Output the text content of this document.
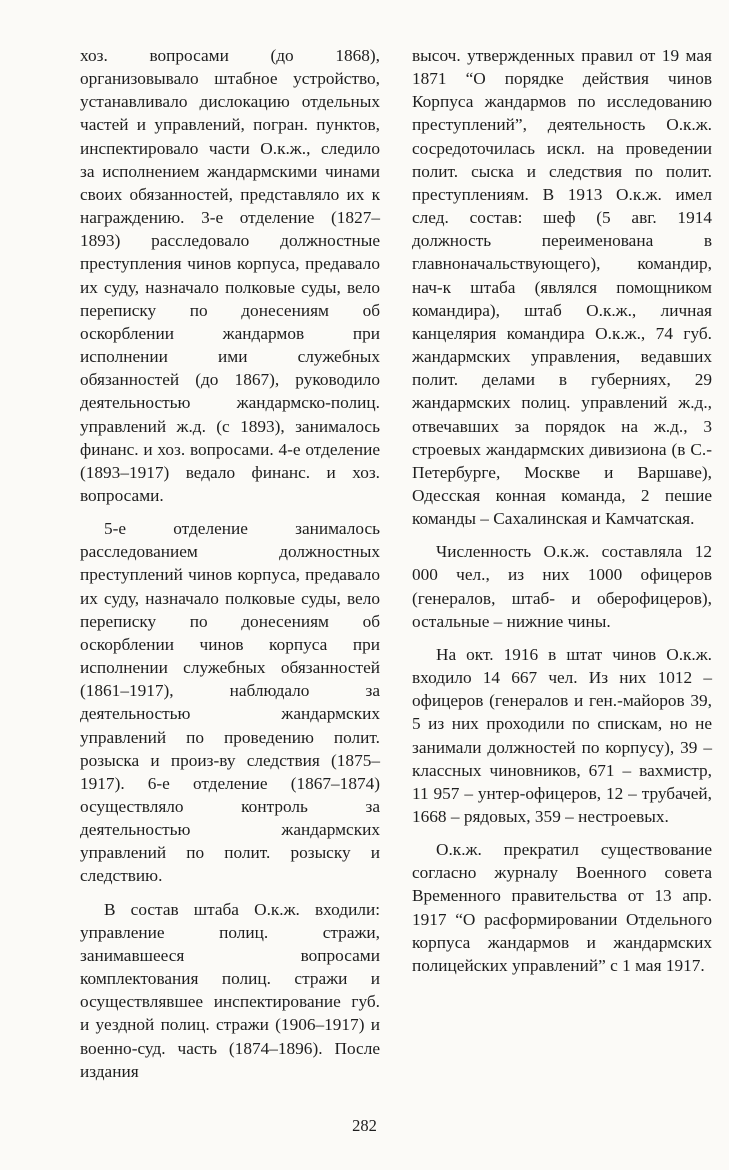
хоз. вопросами (до 1868), организовывало штабное устройство, устанавливало дислокацию отдельных частей и управлений, погран. пунктов, инспектировало части О.к.ж., следило за исполнением жандармскими чинами своих обязанностей, представляло их к награждению. 3-е отделение (1827–1893) расследовало должностные преступления чинов корпуса, предавало их суду, назначало полковые суды, вело переписку по донесениям об оскорблении жандармов при исполнении ими служебных обязанностей (до 1867), руководило деятельностью жандармско-полиц. управлений ж.д. (с 1893), занималось финанс. и хоз. вопросами. 4-е отделение (1893–1917) ведало финанс. и хоз. вопросами.

5-е отделение занималось расследованием должностных преступлений чинов корпуса, предавало их суду, назначало полковые суды, вело переписку по донесениям об оскорблении чинов корпуса при исполнении служебных обязанностей (1861–1917), наблюдало за деятельностью жандармских управлений по проведению полит. розыска и произ-ву следствия (1875–1917). 6-е отделение (1867–1874) осуществляло контроль за деятельностью жандармских управлений по полит. розыску и следствию.

В состав штаба О.к.ж. входили: управление полиц. стражи, занимавшееся вопросами комплектования полиц. стражи и осуществлявшее инспектирование губ. и уездной полиц. стражи (1906–1917) и военно-суд. часть (1874–1896). После издания

высоч. утвержденных правил от 19 мая 1871 “О порядке действия чинов Корпуса жандармов по исследованию преступлений”, деятельность О.к.ж. сосредоточилась искл. на проведении полит. сыска и следствия по полит. преступлениям. В 1913 О.к.ж. имел след. состав: шеф (5 авг. 1914 должность переименована в главноначальствующего), командир, нач-к штаба (являлся помощником командира), штаб О.к.ж., личная канцелярия командира О.к.ж., 74 губ. жандармских управления, ведавших полит. делами в губерниях, 29 жандармских полиц. управлений ж.д., отвечавших за порядок на ж.д., 3 строевых жандармских дивизиона (в С.-Петербурге, Москве и Варшаве), Одесская конная команда, 2 пешие команды – Сахалинская и Камчатская.

Численность О.к.ж. составляла 12 000 чел., из них 1000 офицеров (генералов, штаб- и оберофицеров), остальные – нижние чины.

На окт. 1916 в штат чинов О.к.ж. входило 14 667 чел. Из них 1012 – офицеров (генералов и ген.-майоров 39, 5 из них проходили по спискам, но не занимали должностей по корпусу), 39 – классных чиновников, 671 – вахмистр, 11 957 – унтер-офицеров, 12 – трубачей, 1668 – рядовых, 359 – нестроевых.

О.к.ж. прекратил существование согласно журналу Военного совета Временного правительства от 13 апр. 1917 “О расформировании Отдельного корпуса жандармов и жандармских полицейских управлений” с 1 мая 1917.

282
